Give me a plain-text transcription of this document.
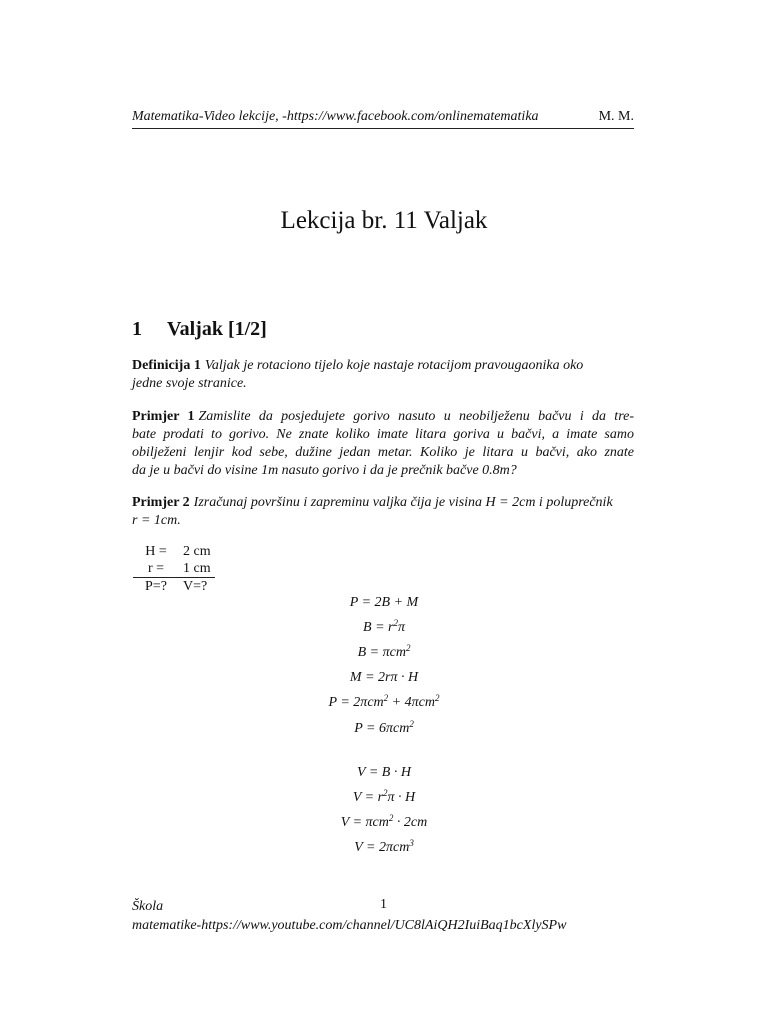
Matematika-Video lekcije, -https://www.facebook.com/onlinematematika	M. M.
Lekcija br. 11 Valjak
1 Valjak [1/2]
Definicija 1 Valjak je rotaciono tijelo koje nastaje rotacijom pravougaonika oko
jedne svoje stranice.
Primjer 1 Zamislite da posjedujete gorivo nasuto u neobilježenu bačvu i da tre-
bate prodati to gorivo. Ne znate koliko imate litara goriva u bačvi, a imate samo
obilježeni lenjir kod sebe, dužine jedan metar. Koliko je litara u bačvi, ako znate
da je u bačvi do visine 1m nasuto gorivo i da je prečnik bačve 0.8m?
Primjer 2 Izračunaj površinu i zapreminu valjka čija je visina H = 2cm i poluprečnik
r = 1cm.
H =	2 cm
r =	1 cm
P=?	V=?
P = 2B + M
$B = r^2\pi$
B = πcm$^2$
M = 2rπ · H
P = 2πcm$^2$ + 4πcm$^2$
P = 6πcm$^2$
V = B · H
$V = r^2\pi \cdot H$
V = πcm$^2$ · 2cm
V = 2πcm$^3$
Škola
matematike-https://www.youtube.com/channel/UC8lAiQH2IuiBaq1bcXlySPw
1
